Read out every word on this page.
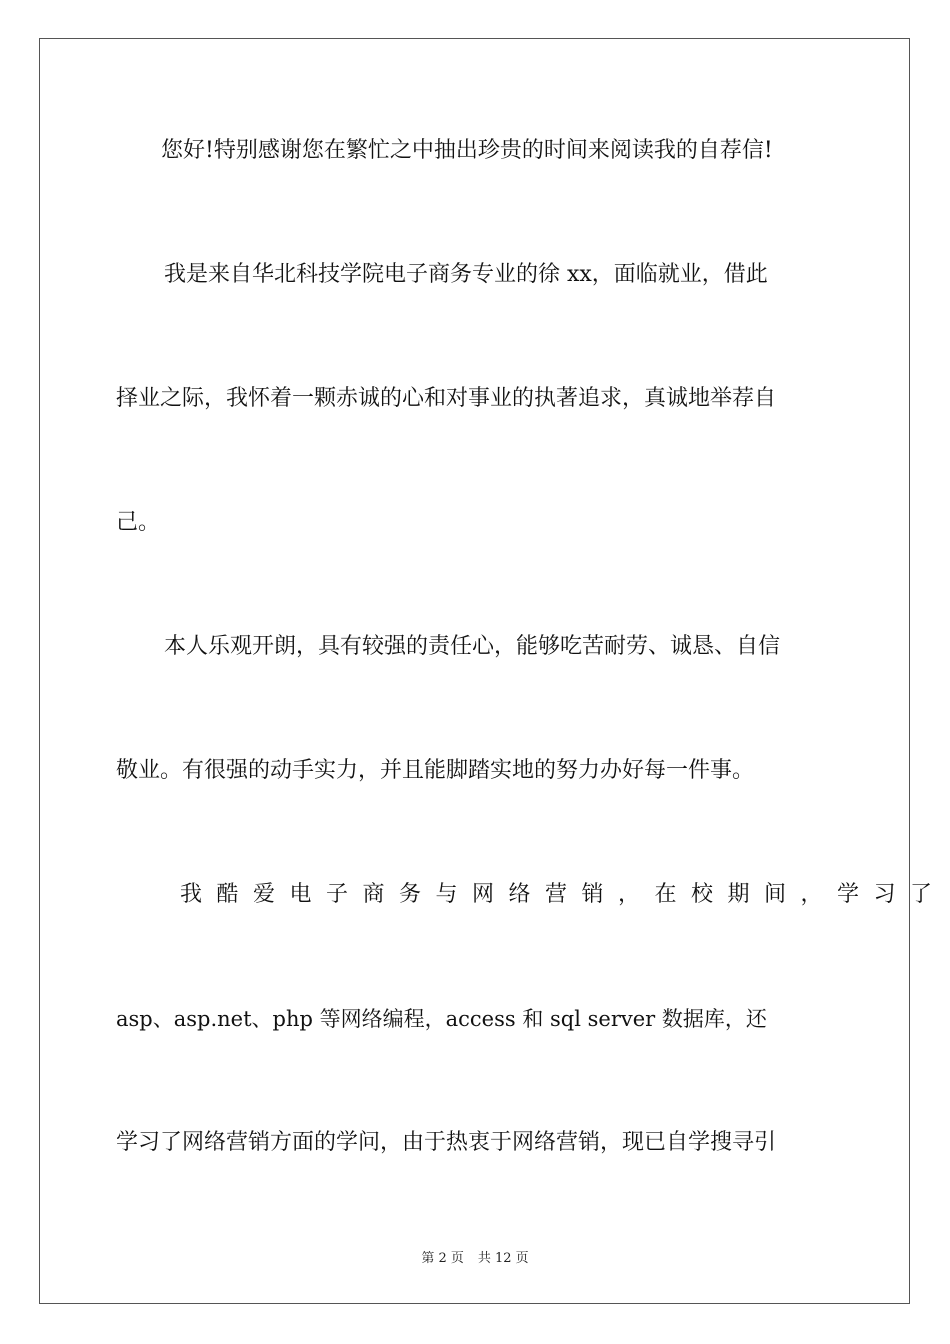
您好!特别感谢您在繁忙之中抽出珍贵的时间来阅读我的自荐信!
我是来自华北科技学院电子商务专业的徐 xx，面临就业，借此
择业之际，我怀着一颗赤诚的心和对事业的执著追求，真诚地举荐自
己。
本人乐观开朗，具有较强的责任心，能够吃苦耐劳、诚恳、自信
敬业。有很强的动手实力，并且能脚踏实地的努力办好每一件事。
我酷爱电子商务与网络营销，在校期间，学习了
asp、asp.net、php 等网络编程，access 和 sql server 数据库，还
学习了网络营销方面的学问，由于热衷于网络营销，现已自学搜寻引
第 2 页 共 12 页
